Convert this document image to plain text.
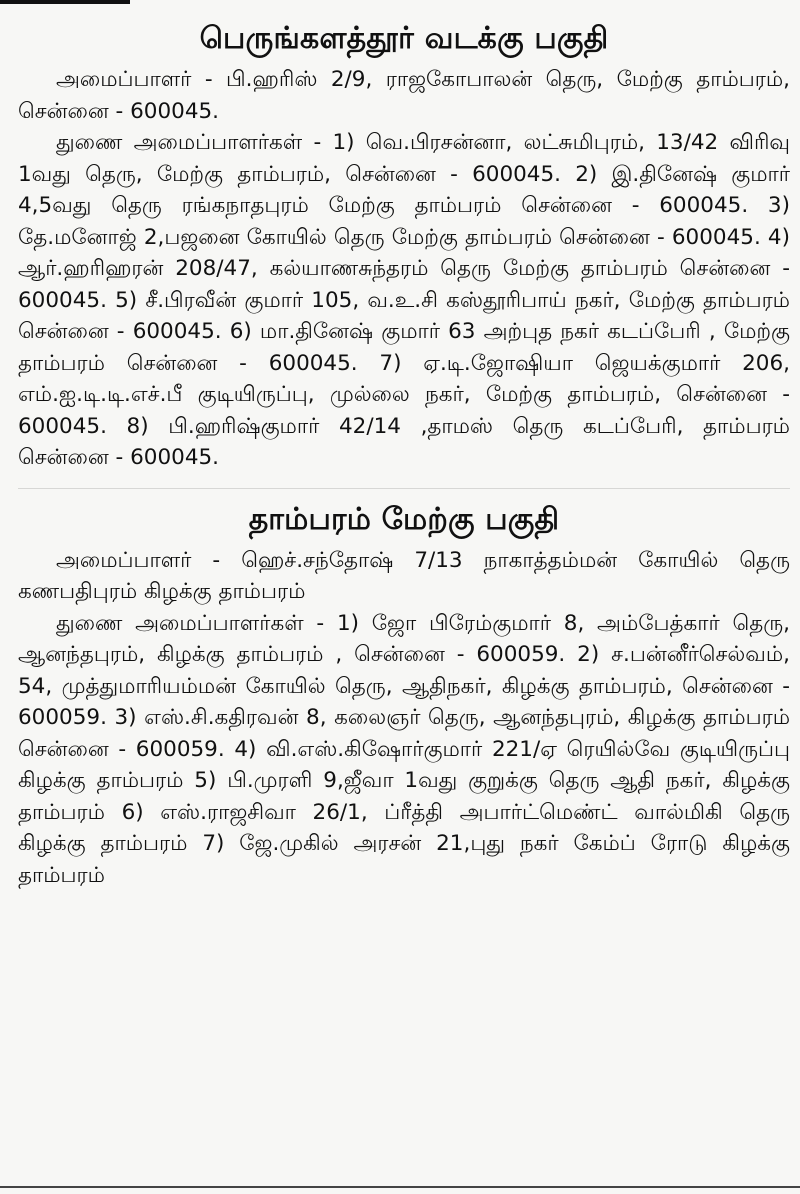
பெருங்களத்தூர் வடக்கு பகுதி

அமைப்பாளர் - பி.ஹரிஸ் 2/9, ராஜகோபாலன் தெரு, மேற்கு தாம்பரம், சென்னை - 600045.

துணை அமைப்பாளர்கள் - 1) வெ.பிரசன்னா, லட்சுமிபுரம், 13/42 விரிவு 1வது தெரு, மேற்கு தாம்பரம், சென்னை - 600045. 2) இ.தினேஷ் குமார் 4,5வது தெரு ரங்கநாதபுரம் மேற்கு தாம்பரம் சென்னை - 600045. 3) தே.மனோஜ் 2,பஜனை கோயில் தெரு மேற்கு தாம்பரம் சென்னை - 600045. 4) ஆர்.ஹரிஹரன் 208/47, கல்யாணசுந்தரம் தெரு மேற்கு தாம்பரம் சென்னை - 600045. 5) சீ.பிரவீன் குமார் 105, வ.உ.சி கஸ்தூரிபாய் நகர், மேற்கு தாம்பரம் சென்னை - 600045. 6) மா.தினேஷ் குமார் 63 அற்புத நகர் கடப்பேரி , மேற்கு தாம்பரம் சென்னை - 600045. 7) ஏ.டி.ஜோஷியா ஜெயக்குமார் 206, எம்.ஐ.டி.டி.எச்.பீ குடியிருப்பு, முல்லை நகர், மேற்கு தாம்பரம், சென்னை - 600045. 8) பி.ஹரிஷ்குமார் 42/14 ,தாமஸ் தெரு கடப்பேரி, தாம்பரம் சென்னை - 600045.

தாம்பரம் மேற்கு பகுதி

அமைப்பாளர் - ஹெச்.சந்தோஷ் 7/13 நாகாத்தம்மன் கோயில் தெரு கணபதிபுரம் கிழக்கு தாம்பரம்

துணை அமைப்பாளர்கள் - 1) ஜோ பிரேம்குமார் 8, அம்பேத்கார் தெரு, ஆனந்தபுரம், கிழக்கு தாம்பரம் , சென்னை - 600059. 2) ச.பன்னீர்செல்வம், 54, முத்துமாரியம்மன் கோயில் தெரு, ஆதிநகர், கிழக்கு தாம்பரம், சென்னை - 600059. 3) எஸ்.சி.கதிரவன் 8, கலைஞர் தெரு, ஆனந்தபுரம், கிழக்கு தாம்பரம் சென்னை - 600059. 4) வி.எஸ்.கிஷோர்குமார் 221/ஏ ரெயில்வே குடியிருப்பு கிழக்கு தாம்பரம் 5) பி.முரளி 9,ஜீவா 1வது குறுக்கு தெரு ஆதி நகர், கிழக்கு தாம்பரம் 6) எஸ்.ராஜசிவா 26/1, ப்ரீத்தி அபார்ட்மெண்ட் வால்மிகி தெரு கிழக்கு தாம்பரம் 7) ஜே.முகில் அரசன் 21,புது நகர் கேம்ப் ரோடு கிழக்கு தாம்பரம்
